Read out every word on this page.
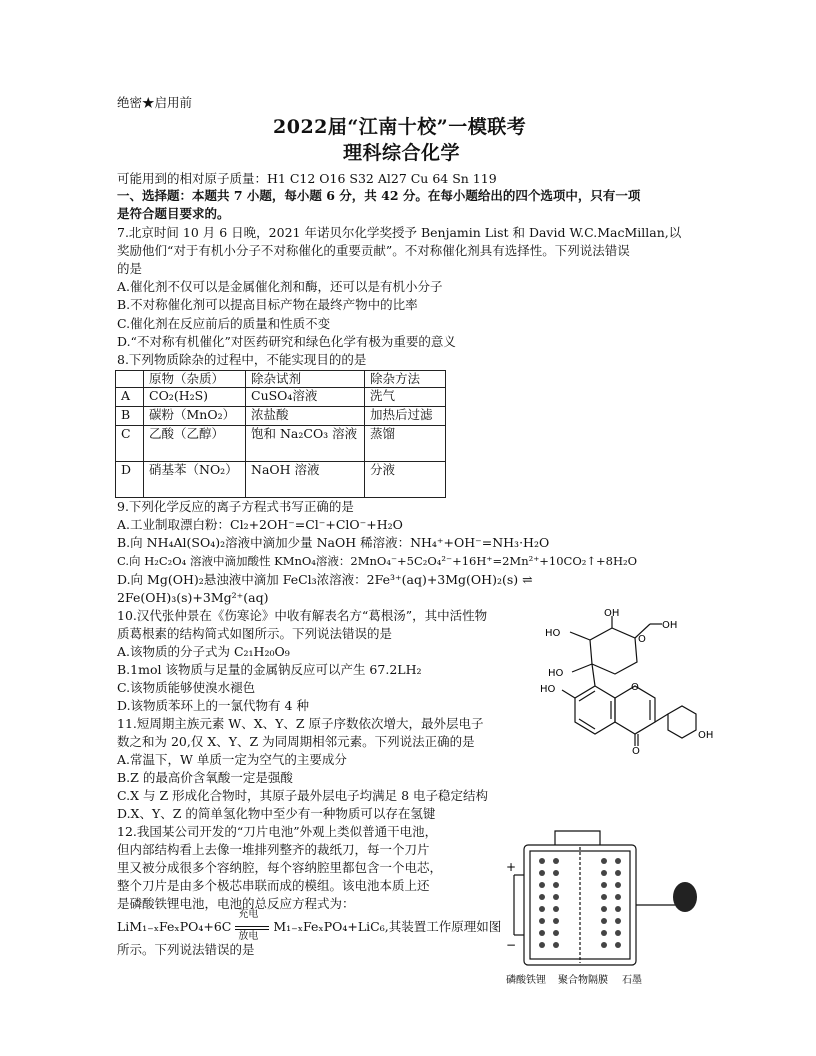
绝密★启用前
2022届“江南十校”一模联考
理科综合化学
可能用到的相对原子质量：H1 C12 O16 S32 Al27 Cu 64 Sn 119
一、选择题：本题共 7 小题，每小题 6 分，共 42 分。在每小题给出的四个选项中，只有一项
是符合题目要求的。
7.北京时间 10 月 6 日晚，2021 年诺贝尔化学奖授予 Benjamin List 和 David W.C.MacMillan,以
奖励他们“对于有机小分子不对称催化的重要贡献”。不对称催化剂具有选择性。下列说法错误
的是
A.催化剂不仅可以是金属催化剂和酶，还可以是有机小分子
B.不对称催化剂可以提高目标产物在最终产物中的比率
C.催化剂在反应前后的质量和性质不变
D.“不对称有机催化”对医药研究和绿色化学有极为重要的意义
8.下列物质除杂的过程中，不能实现目的的是
	原物（杂质）	除杂试剂	除杂方法
A	CO₂(H₂S)	CuSO₄溶液	洗气
B	碳粉（MnO₂）	浓盐酸	加热后过滤
C	乙酸（乙醇）	饱和 Na₂CO₃ 溶液	蒸馏
D	硝基苯（NO₂）	NaOH 溶液	分液
9.下列化学反应的离子方程式书写正确的是
A.工业制取漂白粉：Cl₂+2OH⁻=Cl⁻+ClO⁻+H₂O
B.向 NH₄Al(SO₄)₂溶液中滴加少量 NaOH 稀溶液：NH₄⁺+OH⁻=NH₃·H₂O
C.向 H₂C₂O₄ 溶液中滴加酸性 KMnO₄溶液：2MnO₄⁻+5C₂O₄²⁻+16H⁺=2Mn²⁺+10CO₂↑+8H₂O
D.向 Mg(OH)₂悬浊液中滴加 FeCl₃浓溶液：2Fe³⁺(aq)+3Mg(OH)₂(s) ⇌
2Fe(OH)₃(s)+3Mg²⁺(aq)
10.汉代张仲景在《伤寒论》中收有解表名方“葛根汤”，其中活性物
质葛根素的结构简式如图所示。下列说法错误的是
A.该物质的分子式为 C₂₁H₂₀O₉
B.1mol 该物质与足量的金属钠反应可以产生 67.2LH₂
C.该物质能够使溴水褪色
D.该物质苯环上的一氯代物有 4 种
HO
HO
OH
OH
O
HO	O
O
OH
11.短周期主族元素 W、X、Y、Z 原子序数依次增大，最外层电子
数之和为 20,仅 X、Y、Z 为同周期相邻元素。下列说法正确的是
A.常温下，W 单质一定为空气的主要成分
B.Z 的最高价含氧酸一定是强酸
C.X 与 Z 形成化合物时，其原子最外层电子均满足 8 电子稳定结构
D.X、Y、Z 的简单氢化物中至少有一种物质可以存在氢键
12.我国某公司开发的“刀片电池”外观上类似普通干电池，
但内部结构看上去像一堆排列整齐的裁纸刀，每一个刀片
里又被分成很多个容纳腔，每个容纳腔里都包含一个电芯，
整个刀片是由多个极芯串联而成的模组。该电池本质上还
是磷酸铁锂电池，电池的总反应方程式为：
LiM₁₋ₓFeₓPO₄+6C
充电
放电
M₁₋ₓFeₓPO₄+LiC₆,其装置工作原理如图
所示。下列说法错误的是
+
−
磷酸铁锂 聚合物隔膜 石墨
